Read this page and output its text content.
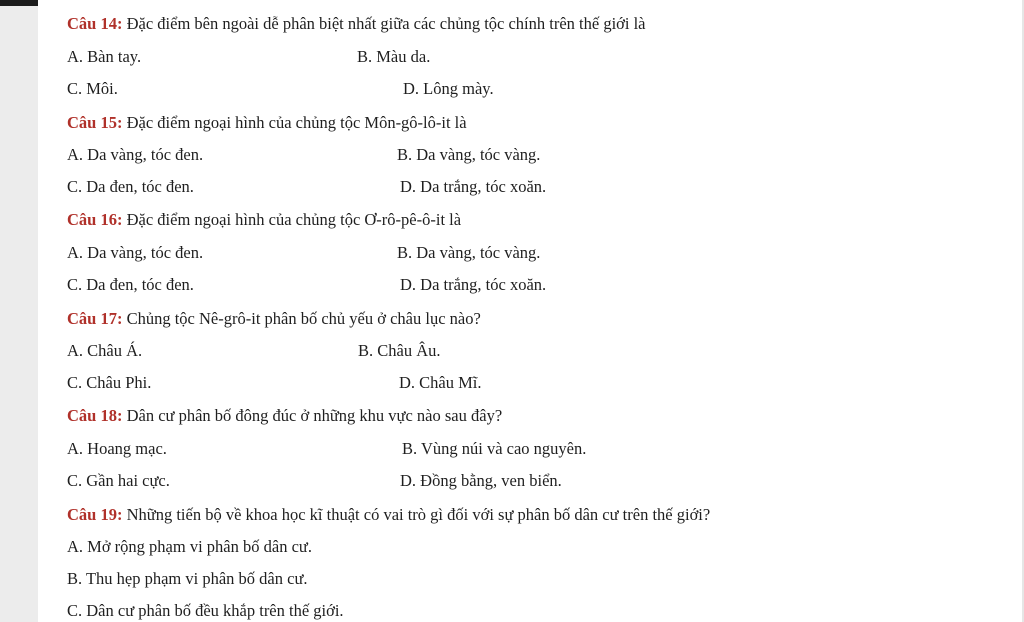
Câu 14: Đặc điểm bên ngoài dễ phân biệt nhất giữa các chủng tộc chính trên thế giới là
A. Bàn tay.	B. Màu da.
C. Môi.	D. Lông mày.
Câu 15: Đặc điểm ngoại hình của chủng tộc Môn-gô-lô-it là
A. Da vàng, tóc đen.	B. Da vàng, tóc vàng.
C. Da đen, tóc đen.	D. Da trắng, tóc xoăn.
Câu 16: Đặc điểm ngoại hình của chủng tộc Ơ-rô-pê-ô-it là
A. Da vàng, tóc đen.	B. Da vàng, tóc vàng.
C. Da đen, tóc đen.	D. Da trắng, tóc xoăn.
Câu 17: Chủng tộc Nê-grô-it phân bố chủ yếu ở châu lục nào?
A. Châu Á.	B. Châu Âu.
C. Châu Phi.	D. Châu Mĩ.
Câu 18: Dân cư phân bố đông đúc ở những khu vực nào sau đây?
A. Hoang mạc.	B. Vùng núi và cao nguyên.
C. Gần hai cực.	D. Đồng bằng, ven biển.
Câu 19: Những tiến bộ về khoa học kĩ thuật có vai trò gì đối với sự phân bố dân cư trên thế giới?
A. Mở rộng phạm vi phân bố dân cư.
B. Thu hẹp phạm vi phân bố dân cư.
C. Dân cư phân bố đều khắp trên thế giới.
